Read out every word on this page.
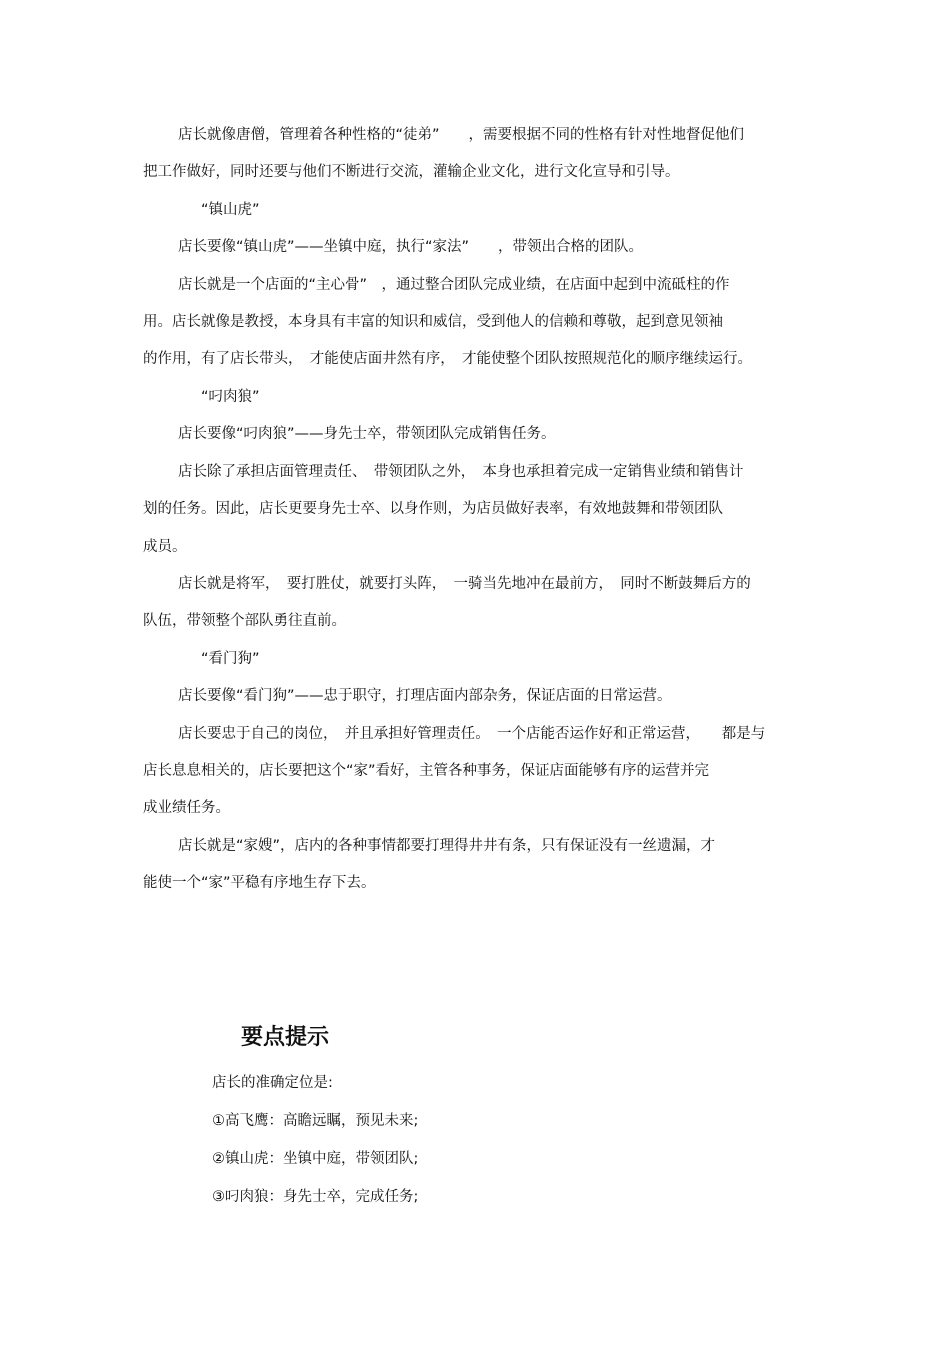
店长就像唐僧，管理着各种性格的“徒弟”　　，需要根据不同的性格有针对性地督促他们

把工作做好，同时还要与他们不断进行交流，灌输企业文化，进行文化宣导和引导。

“镇山虎”

店长要像“镇山虎”——坐镇中庭，执行“家法”　　，带领出合格的团队。

店长就是一个店面的“主心骨”　，通过整合团队完成业绩，在店面中起到中流砥柱的作

用。店长就像是教授，本身具有丰富的知识和威信，受到他人的信赖和尊敬，起到意见领袖

的作用，有了店长带头，　才能使店面井然有序，　才能使整个团队按照规范化的顺序继续运行。

“叼肉狼”

店长要像“叼肉狼”——身先士卒，带领团队完成销售任务。

店长除了承担店面管理责任、　带领团队之外，　本身也承担着完成一定销售业绩和销售计

划的任务。因此，店长更要身先士卒、以身作则，为店员做好表率，有效地鼓舞和带领团队

成员。

店长就是将军，　要打胜仗，就要打头阵，　一骑当先地冲在最前方，　同时不断鼓舞后方的

队伍，带领整个部队勇往直前。

“看门狗”

店长要像“看门狗”——忠于职守，打理店面内部杂务，保证店面的日常运营。

店长要忠于自己的岗位，　并且承担好管理责任。　一个店能否运作好和正常运营，　　都是与

店长息息相关的，店长要把这个“家”看好，主管各种事务，保证店面能够有序的运营并完

成业绩任务。

店长就是“家嫂”，店内的各种事情都要打理得井井有条，只有保证没有一丝遗漏，才

能使一个“家”平稳有序地生存下去。

要点提示

店长的准确定位是:

①高飞鹰：高瞻远瞩，预见未来;

②镇山虎：坐镇中庭，带领团队;

③叼肉狼：身先士卒，完成任务;
